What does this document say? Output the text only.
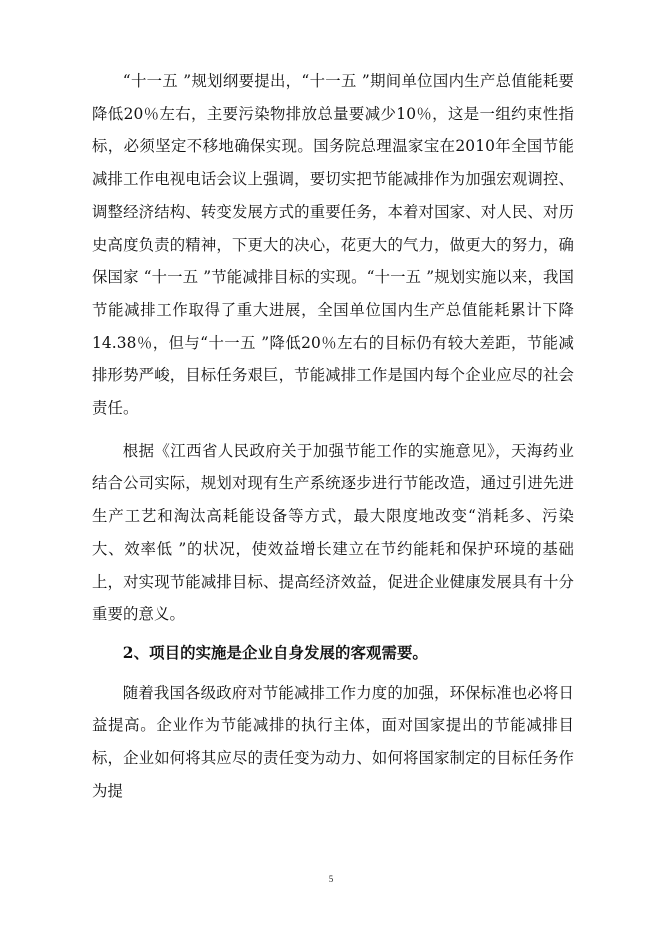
“十一五 ”规划纲要提出，“十一五 ”期间单位国内生产总值能耗要降低20％左右，主要污染物排放总量要减少10％，这是一组约束性指标，必须坚定不移地确保实现。国务院总理温家宝在2010年全国节能减排工作电视电话会议上强调，要切实把节能减排作为加强宏观调控、调整经济结构、转变发展方式的重要任务，本着对国家、对人民、对历史高度负责的精神，下更大的决心，花更大的气力，做更大的努力，确保国家 “十一五 ”节能减排目标的实现。“十一五 ”规划实施以来，我国节能减排工作取得了重大进展，全国单位国内生产总值能耗累计下降14.38％，但与“十一五 ”降低20％左右的目标仍有较大差距，节能减排形势严峻，目标任务艰巨，节能减排工作是国内每个企业应尽的社会责任。

根据《江西省人民政府关于加强节能工作的实施意见》，天海药业结合公司实际，规划对现有生产系统逐步进行节能改造，通过引进先进生产工艺和淘汰高耗能设备等方式，最大限度地改变“消耗多、污染大、效率低 ”的状况，使效益增长建立在节约能耗和保护环境的基础上，对实现节能减排目标、提高经济效益，促进企业健康发展具有十分重要的意义。

2、项目的实施是企业自身发展的客观需要。

随着我国各级政府对节能减排工作力度的加强，环保标准也必将日益提高。企业作为节能减排的执行主体，面对国家提出的节能减排目标，企业如何将其应尽的责任变为动力、如何将国家制定的目标任务作为提

5
